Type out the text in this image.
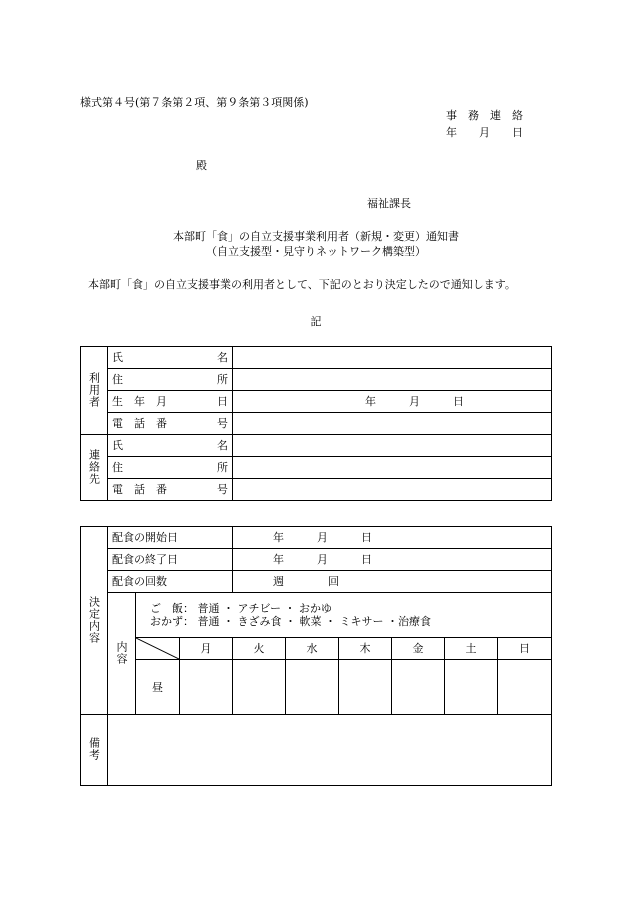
様式第４号(第７条第２項、第９条第３項関係)
事　務　連　絡
年　　月　　日
殿
福祉課長
本部町「食」の自立支援事業利用者（新規・変更）通知書
（自立支援型・見守りネットワーク構築型）
本部町「食」の自立支援事業の利用者として、下記のとおり決定したので通知します。
記
利用者	氏 名	

	住 所	

	生　年　月 日	年　　　月　　　日

	電　話　番 号	

連絡先	氏 名	

	住 所	

	電　話　番 号	

決定内容	配食の開始日			年　　　月　　　日					
	配食の終了日			年　　　月　　　日					
	配食の回数			週　　　　回					
	内容	ご　飯： 普通 ・ アチビー ・ おかゆ
おかず： 普通 ・ きざみ食 ・ 軟菜 ・ ミキサー ・治療食							

	月	火	水	木	金	土	日
		昼							

備考									
